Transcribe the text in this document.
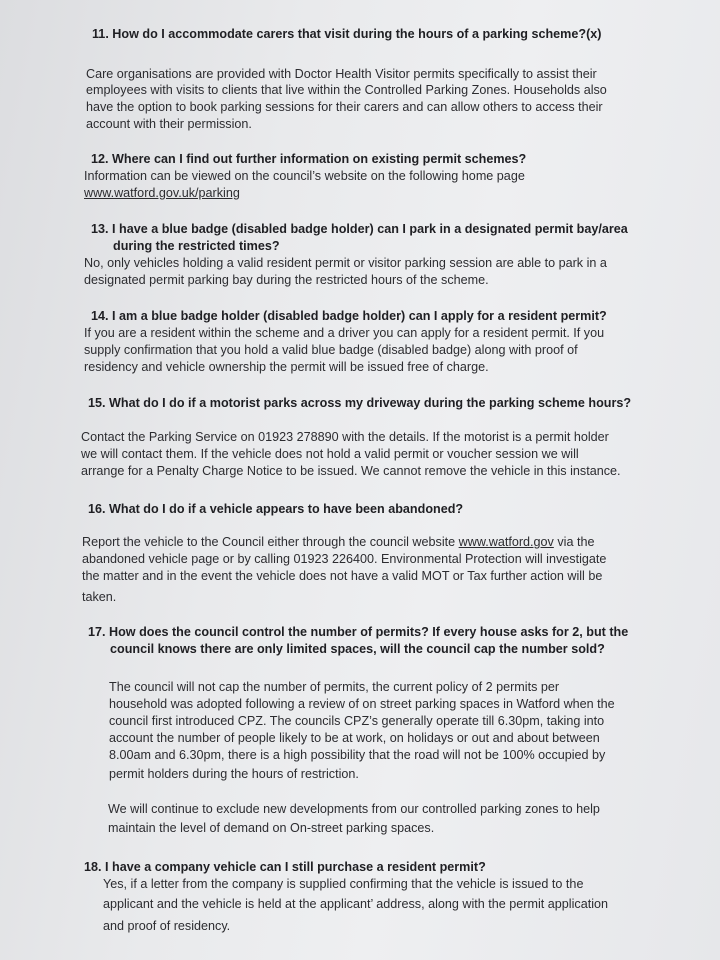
11. How do I accommodate carers that visit during the hours of a parking scheme?(x)
Care organisations are provided with Doctor Health Visitor permits specifically to assist their
employees with visits to clients that live within the Controlled Parking Zones. Households also
have the option to book parking sessions for their carers and can allow others to access their
account with their permission.
12. Where can I find out further information on existing permit schemes?
Information can be viewed on the council’s website on the following home page
www.watford.gov.uk/parking
13. I have a blue badge (disabled badge holder) can I park in a designated permit bay/area
during the restricted times?
No, only vehicles holding a valid resident permit or visitor parking session are able to park in a
designated permit parking bay during the restricted hours of the scheme.
14. I am a blue badge holder (disabled badge holder) can I apply for a resident permit?
If you are a resident within the scheme and a driver you can apply for a resident permit. If you
supply confirmation that you hold a valid blue badge (disabled badge) along with proof of
residency and vehicle ownership the permit will be issued free of charge.
15. What do I do if a motorist parks across my driveway during the parking scheme hours?
Contact the Parking Service on 01923 278890 with the details. If the motorist is a permit holder
we will contact them. If the vehicle does not hold a valid permit or voucher session we will
arrange for a Penalty Charge Notice to be issued. We cannot remove the vehicle in this instance.
16. What do I do if a vehicle appears to have been abandoned?
Report the vehicle to the Council either through the council website www.watford.gov via the
abandoned vehicle page or by calling 01923 226400. Environmental Protection will investigate
the matter and in the event the vehicle does not have a valid MOT or Tax further action will be
taken.
17. How does the council control the number of permits? If every house asks for 2, but the
council knows there are only limited spaces, will the council cap the number sold?
The council will not cap the number of permits, the current policy of 2 permits per
household was adopted following a review of on street parking spaces in Watford when the
council first introduced CPZ. The councils CPZ’s generally operate till 6.30pm, taking into
account the number of people likely to be at work, on holidays or out and about between
8.00am and 6.30pm, there is a high possibility that the road will not be 100% occupied by
permit holders during the hours of restriction.
We will continue to exclude new developments from our controlled parking zones to help
maintain the level of demand on On-street parking spaces.
18. I have a company vehicle can I still purchase a resident permit?
Yes, if a letter from the company is supplied confirming that the vehicle is issued to the
applicant and the vehicle is held at the applicant’ address, along with the permit application
and proof of residency.
